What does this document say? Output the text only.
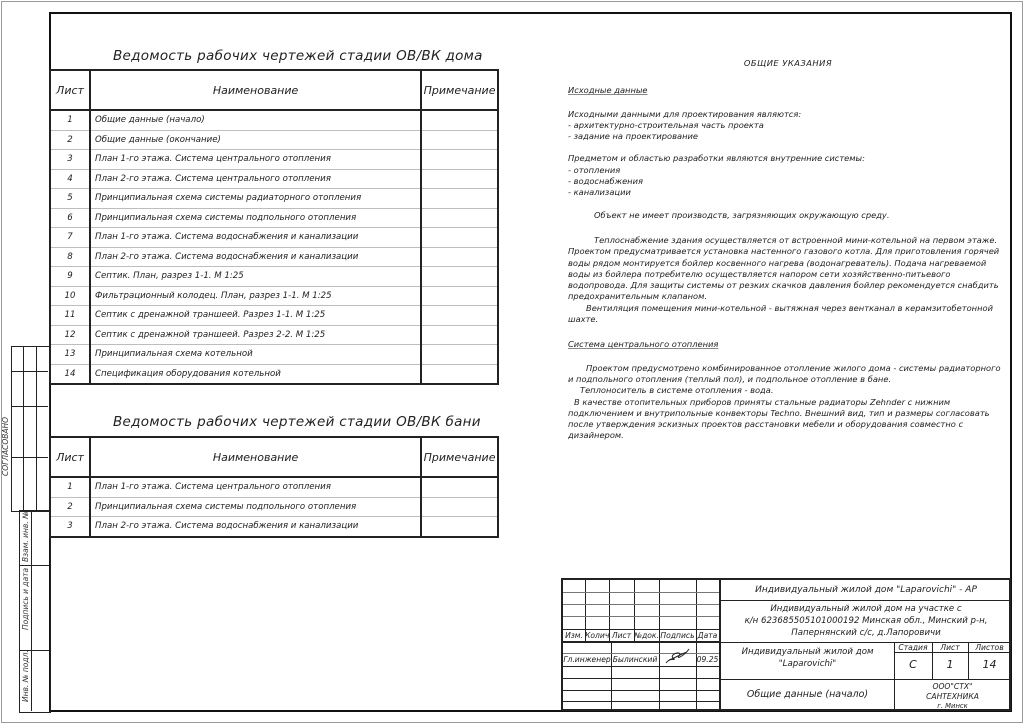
Ведомость рабочих чертежей стадии ОВ/ВК дома
Лист	Наименование	Примечание
1	Общие данные (начало)	
2	Общие данные (окончание)	
3	План 1-го этажа. Система центрального отопления	
4	План 2-го этажа. Система центрального отопления	
5	Принципиальная схема системы радиаторного отопления	
6	Принципиальная схема системы подпольного отопления	
7	План 1-го этажа. Система водоснабжения и канализации	
8	План 2-го этажа. Система водоснабжения и канализации	
9	Септик. План, разрез 1-1. М 1:25	
10	Фильтрационный колодец. План, разрез 1-1. М 1:25	
11	Септик с дренажной траншеей. Разрез 1-1. М 1:25	
12	Септик с дренажной траншеей. Разрез 2-2. М 1:25	
13	Принципиальная схема котельной	
14	Спецификация оборудования котельной	
Ведомость рабочих чертежей стадии ОВ/ВК бани
Лист	Наименование	Примечание
1	План 1-го этажа. Система центрального отопления	
2	Принципиальная схема системы подпольного отопления	
3	План 2-го этажа. Система водоснабжения и канализации	
ОБЩИЕ УКАЗАНИЯ
Исходные данные

Исходными данными для проектирования являются:

- архитектурно-строительная часть проекта

- задание на проектирование

Предметом и областью разработки являются внутренние системы:

- отопления

- водоснабжения

- канализации

Объект не имеет производств, загрязняющих окружающую среду.

Теплоснабжение здания осуществляется от встроенной мини-котельной на первом этаже. Проектом предусматривается установка настенного газового котла. Для приготовления горячей воды рядом монтируется бойлер косвенного нагрева (водонагреватель). Подача нагреваемой воды из бойлера потребителю осуществляется напором сети хозяйственно-питьевого водопровода. Для защиты системы от резких скачков давления бойлер рекомендуется снабдить предохранительным клапаном.

Вентиляция помещения мини-котельной - вытяжная через вентканал в керамзитобетонной шахте.

Система центрального отопления

Проектом предусмотрено комбинированное отопление жилого дома - системы радиаторного и подпольного отопления (теплый пол), и подпольное отопление в бане.

Теплоноситель в системе отопления - вода.

В качестве отопительных приборов приняты стальные радиаторы Zehnder с нижним подключением и внутрипольные конвекторы Techno. Внешний вид, тип и размеры согласовать после утверждения эскизных проектов расстановки мебели и оборудования совместно с дизайнером.

СОГЛАСОВАНО
Взам. инв. №
Подпись и дата
Инв. № подл.
Изм. Колич Лист №док. Подпись Дата
Гл.инженер Былинский	09.25
Индивидуальный жилой дом "Laparovichi" - АР
Индивидуальный жилой дом на участке с
к/н 623685505101000192 Минская обл., Минский р-н,
Папернянский с/с, д.Лапоровичи
Индивидуальный жилой дом
"Laparovichi"
Стадия	Лист	Листов
С	1	14
Общие данные (начало)
ООО"СТХ"
САНТЕХНИКА
г. Минск
